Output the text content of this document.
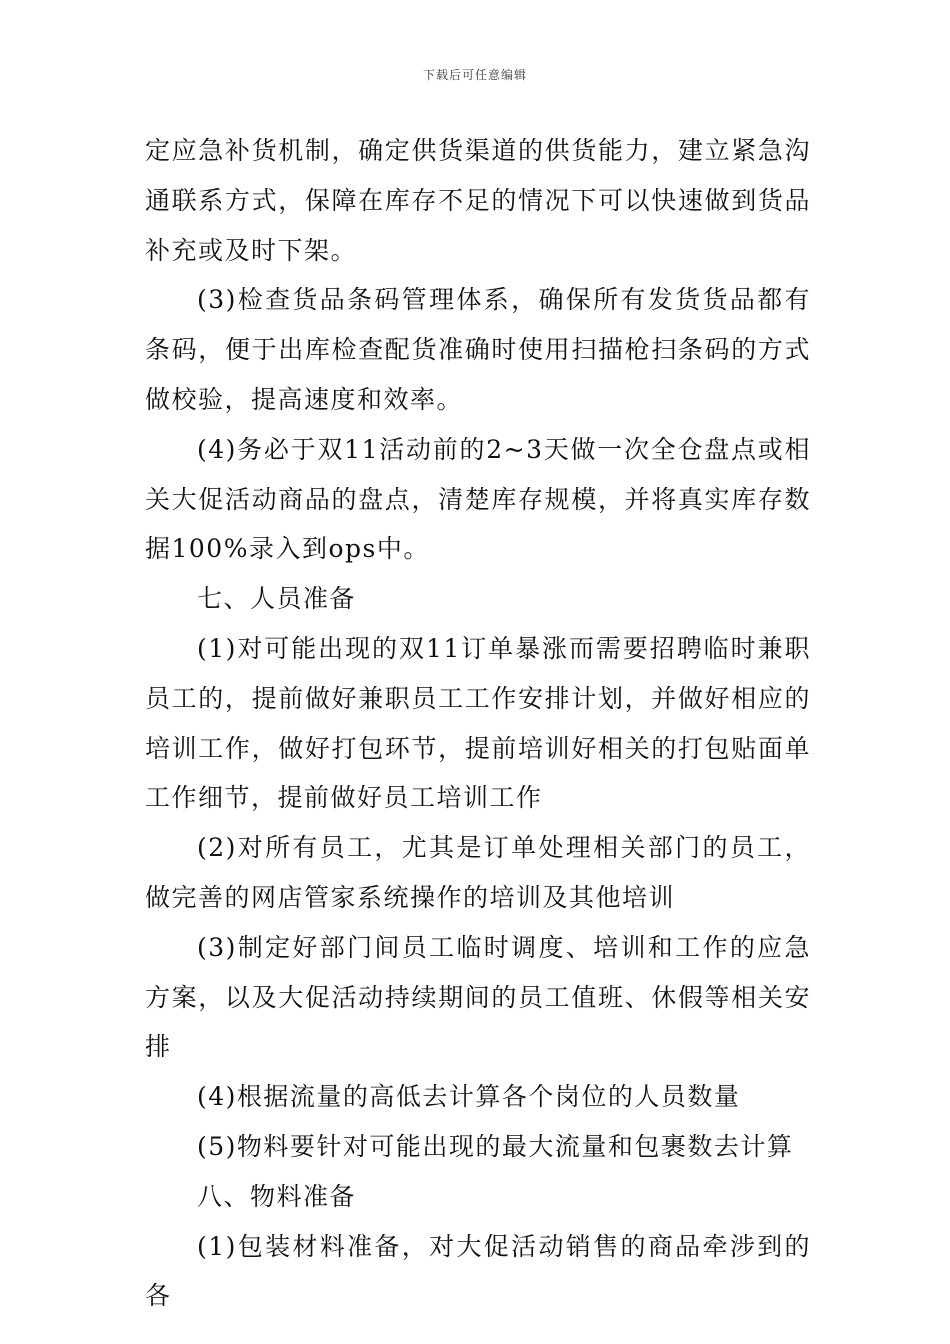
下载后可任意编辑

定应急补货机制，确定供货渠道的供货能力，建立紧急沟通联系方式，保障在库存不足的情况下可以快速做到货品补充或及时下架。

(3)检查货品条码管理体系，确保所有发货货品都有条码，便于出库检查配货准确时使用扫描枪扫条码的方式做校验，提高速度和效率。

(4)务必于双11活动前的2~3天做一次全仓盘点或相关大促活动商品的盘点，清楚库存规模，并将真实库存数据100%录入到ops中。

七、人员准备

(1)对可能出现的双11订单暴涨而需要招聘临时兼职员工的，提前做好兼职员工工作安排计划，并做好相应的培训工作，做好打包环节，提前培训好相关的打包贴面单工作细节，提前做好员工培训工作

(2)对所有员工，尤其是订单处理相关部门的员工，做完善的网店管家系统操作的培训及其他培训

(3)制定好部门间员工临时调度、培训和工作的应急方案，以及大促活动持续期间的员工值班、休假等相关安排

(4)根据流量的高低去计算各个岗位的人员数量

(5)物料要针对可能出现的最大流量和包裹数去计算

八、物料准备

(1)包装材料准备，对大促活动销售的商品牵涉到的各
